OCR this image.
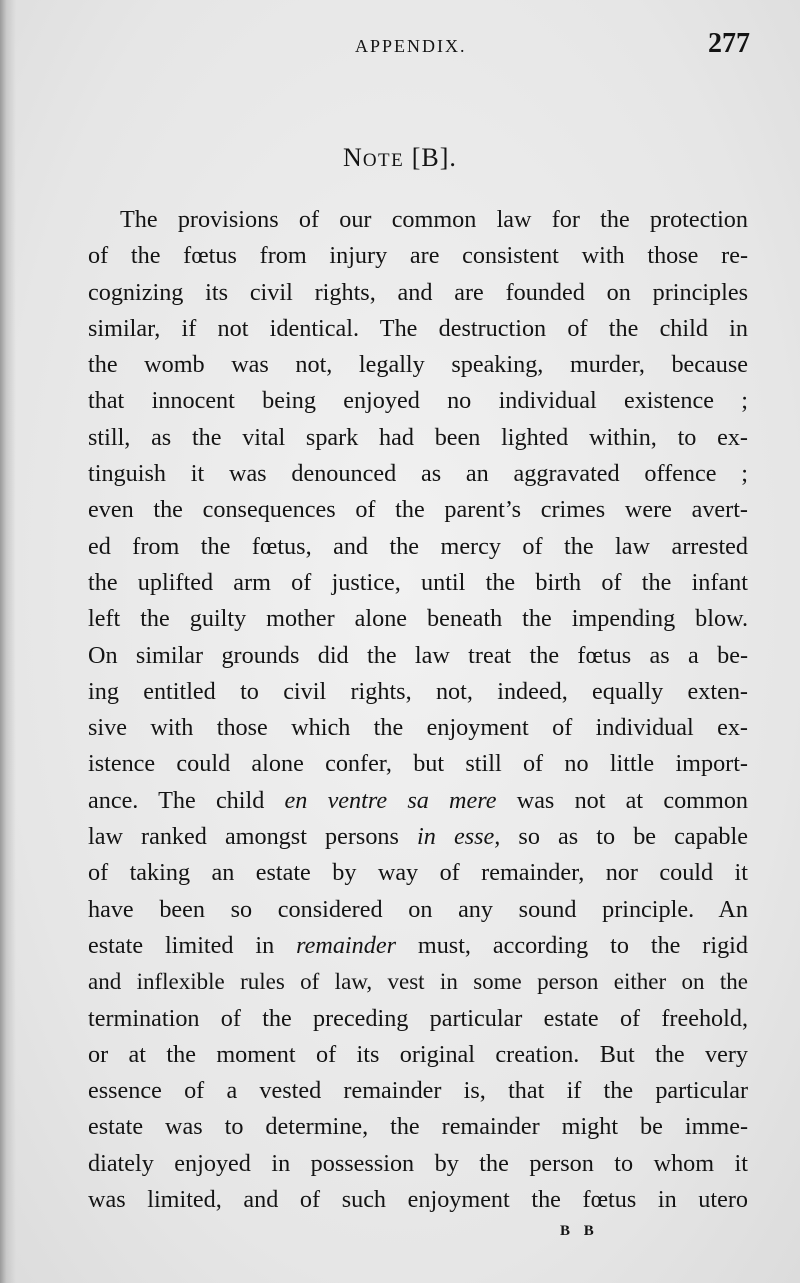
APPENDIX.	277
NOTE [B].
The provisions of our common law for the protection
of the fœtus from injury are consistent with those re-
cognizing its civil rights, and are founded on principles
similar, if not identical. The destruction of the child in
the womb was not, legally speaking, murder, because
that innocent being enjoyed no individual existence ;
still, as the vital spark had been lighted within, to ex-
tinguish it was denounced as an aggravated offence ;
even the consequences of the parent’s crimes were avert-
ed from the fœtus, and the mercy of the law arrested
the uplifted arm of justice, until the birth of the infant
left the guilty mother alone beneath the impending blow.
On similar grounds did the law treat the fœtus as a be-
ing entitled to civil rights, not, indeed, equally exten-
sive with those which the enjoyment of individual ex-
istence could alone confer, but still of no little import-
ance. The child en ventre sa mere was not at common
law ranked amongst persons in esse, so as to be capable
of taking an estate by way of remainder, nor could it
have been so considered on any sound principle. An
estate limited in remainder must, according to the rigid
and inflexible rules of law, vest in some person either on the
termination of the preceding particular estate of freehold,
or at the moment of its original creation. But the very
essence of a vested remainder is, that if the particular
estate was to determine, the remainder might be imme-
diately enjoyed in possession by the person to whom it
was limited, and of such enjoyment the fœtus in utero
B B
